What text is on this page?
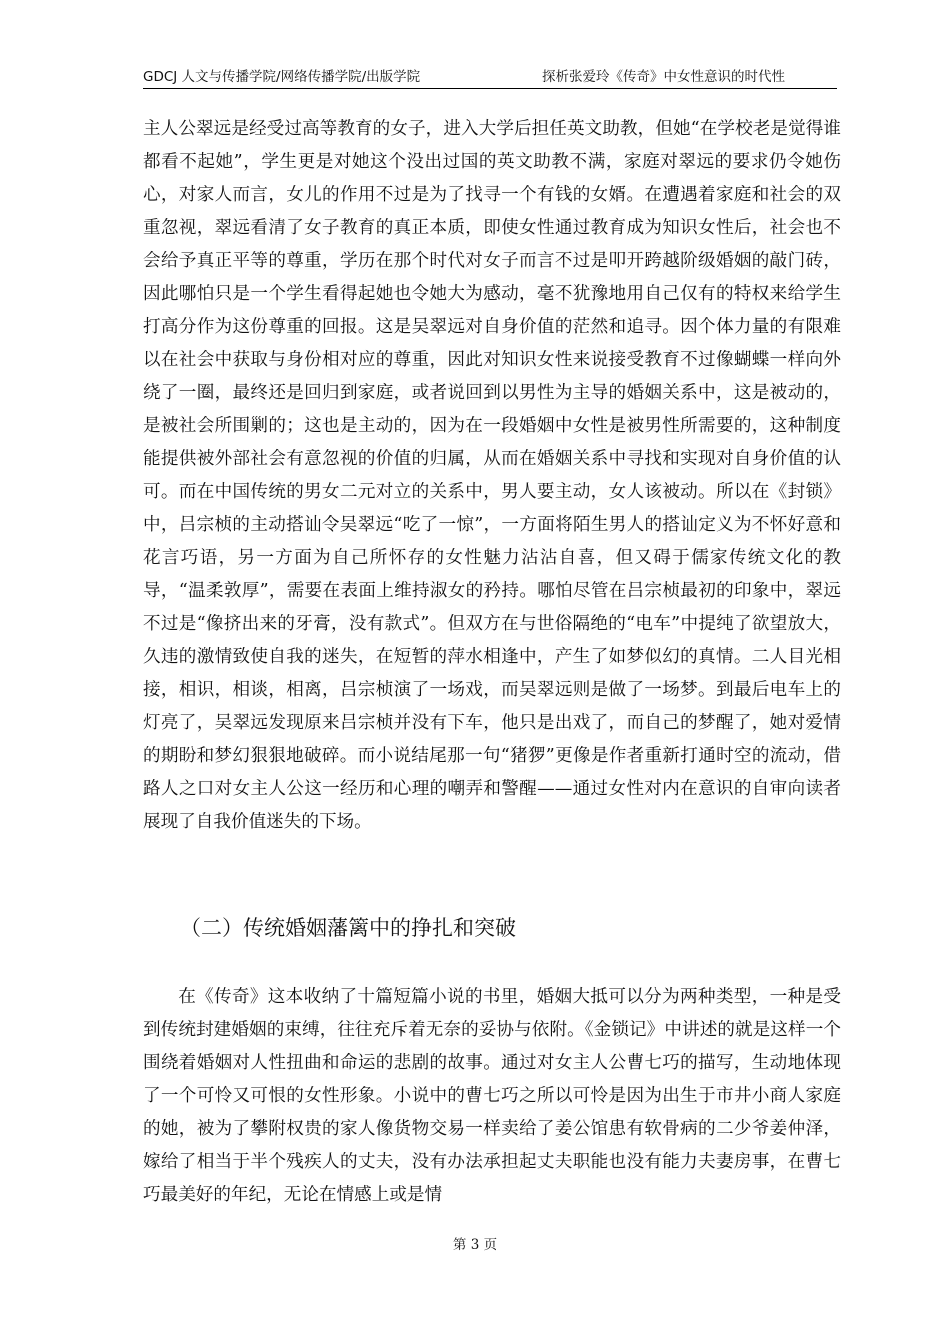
GDCJ 人文与传播学院/网络传播学院/出版学院	探析张爱玲《传奇》中女性意识的时代性

主人公翠远是经受过高等教育的女子，进入大学后担任英文助教，但她“在学校老是觉得谁都看不起她”，学生更是对她这个没出过国的英文助教不满，家庭对翠远的要求仍令她伤心，对家人而言，女儿的作用不过是为了找寻一个有钱的女婿。在遭遇着家庭和社会的双重忽视，翠远看清了女子教育的真正本质，即使女性通过教育成为知识女性后，社会也不会给予真正平等的尊重，学历在那个时代对女子而言不过是叩开跨越阶级婚姻的敲门砖，因此哪怕只是一个学生看得起她也令她大为感动，毫不犹豫地用自己仅有的特权来给学生打高分作为这份尊重的回报。这是吴翠远对自身价值的茫然和追寻。因个体力量的有限难以在社会中获取与身份相对应的尊重，因此对知识女性来说接受教育不过像蝴蝶一样向外绕了一圈，最终还是回归到家庭，或者说回到以男性为主导的婚姻关系中，这是被动的，是被社会所围剿的；这也是主动的，因为在一段婚姻中女性是被男性所需要的，这种制度能提供被外部社会有意忽视的价值的归属，从而在婚姻关系中寻找和实现对自身价值的认可。而在中国传统的男女二元对立的关系中，男人要主动，女人该被动。所以在《封锁》中，吕宗桢的主动搭讪令吴翠远“吃了一惊”，一方面将陌生男人的搭讪定义为不怀好意和花言巧语，另一方面为自己所怀存的女性魅力沾沾自喜，但又碍于儒家传统文化的教导，“温柔敦厚”，需要在表面上维持淑女的矜持。哪怕尽管在吕宗桢最初的印象中，翠远不过是“像挤出来的牙膏，没有款式”。但双方在与世俗隔绝的“电车”中提纯了欲望放大，久违的激情致使自我的迷失，在短暂的萍水相逢中，产生了如梦似幻的真情。二人目光相接，相识，相谈，相离，吕宗桢演了一场戏，而吴翠远则是做了一场梦。到最后电车上的灯亮了，吴翠远发现原来吕宗桢并没有下车，他只是出戏了，而自己的梦醒了，她对爱情的期盼和梦幻狠狠地破碎。而小说结尾那一句“猪猡”更像是作者重新打通时空的流动，借路人之口对女主人公这一经历和心理的嘲弄和警醒——通过女性对内在意识的自审向读者展现了自我价值迷失的下场。

（二）传统婚姻藩篱中的挣扎和突破

在《传奇》这本收纳了十篇短篇小说的书里，婚姻大抵可以分为两种类型，一种是受到传统封建婚姻的束缚，往往充斥着无奈的妥协与依附。《金锁记》中讲述的就是这样一个围绕着婚姻对人性扭曲和命运的悲剧的故事。通过对女主人公曹七巧的描写，生动地体现了一个可怜又可恨的女性形象。小说中的曹七巧之所以可怜是因为出生于市井小商人家庭的她，被为了攀附权贵的家人像货物交易一样卖给了姜公馆患有软骨病的二少爷姜仲泽，嫁给了相当于半个残疾人的丈夫，没有办法承担起丈夫职能也没有能力夫妻房事，在曹七巧最美好的年纪，无论在情感上或是情

第 3 页
